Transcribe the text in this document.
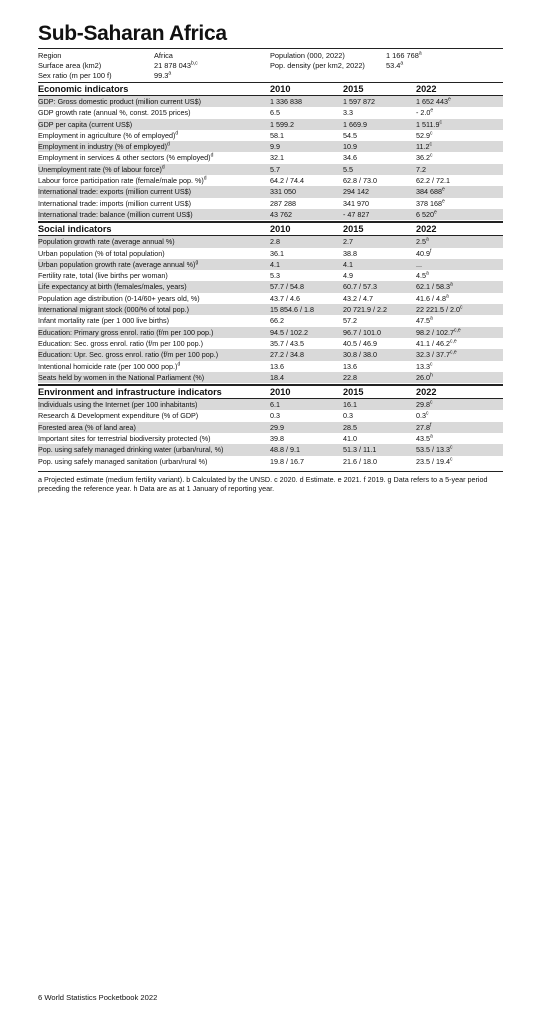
Sub-Saharan Africa
Region	Africa	Population (000, 2022)	1 166 768$^a$
Surface area (km2)	21 878 043$^{b,c}$	Pop. density (per km2, 2022)	53.4$^a$
Sex ratio (m per 100 f)	99.3$^a$
Economic indicators	2010	2015	2022
GDP: Gross domestic product (million current US$)	1 336 838	1 597 872	1 652 443e
GDP growth rate (annual %, const. 2015 prices)	6.5	3.3	- 2.0e
GDP per capita (current US$)	1 599.2	1 669.9	1 511.9$^c$
Employment in agriculture (% of employed)$^d$	58.1	54.5	52.9$^c$
Employment in industry (% of employed)$^d$	9.9	10.9	11.2$^c$
Employment in services & other sectors (% employed)$^d$	32.1	34.6	36.2$^c$
Unemployment rate (% of labour force)$^d$	5.7	5.5	7.2
Labour force participation rate (female/male pop. %)$^d$	64.2 / 74.4	62.8 / 73.0	62.2 / 72.1
International trade: exports (million current US$)	331 050	294 142	384 688e
International trade: imports (million current US$)	287 288	341 970	378 168e
International trade: balance (million current US$)	43 762	- 47 827	6 520e
Social indicators	2010	2015	2022
Population growth rate (average annual %)	2.8	2.7	2.5$^a$
Urban population (% of total population)	36.1	38.8	40.9$^f$
Urban population growth rate (average annual %)$^g$	4.1	4.1	...
Fertility rate, total (live births per woman)	5.3	4.9	4.5$^a$
Life expectancy at birth (females/males, years)	57.7 / 54.8	60.7 / 57.3	62.1 / 58.3$^a$
Population age distribution (0-14/60+ years old, %)	43.7 / 4.6	43.2 / 4.7	41.6 / 4.8$^a$
International migrant stock (000/% of total pop.)	15 854.6 / 1.8	20 721.9 / 2.2	22 221.5 / 2.0$^c$
Infant mortality rate (per 1 000 live births)	66.2	57.2	47.5$^a$
Education: Primary gross enrol. ratio (f/m per 100 pop.)	94.5 / 102.2	96.7 / 101.0	98.2 / 102.7$^{c,e}$
Education: Sec. gross enrol. ratio (f/m per 100 pop.)	35.7 / 43.5	40.5 / 46.9	41.1 / 46.2$^{c,e}$
Education: Upr. Sec. gross enrol. ratio (f/m per 100 pop.)	27.2 / 34.8	30.8 / 38.0	32.3 / 37.7$^{c,e}$
Intentional homicide rate (per 100 000 pop.)$^d$	13.6	13.6	13.3$^c$
Seats held by women in the National Parliament (%)	18.4	22.8	26.0$^h$
Environment and infrastructure indicators	2010	2015	2022
Individuals using the Internet (per 100 inhabitants)	6.1	16.1	29.8$^c$
Research & Development expenditure (% of GDP)	0.3	0.3	0.3$^c$
Forested area (% of land area)	29.9	28.5	27.8$^f$
Important sites for terrestrial biodiversity protected (%)	39.8	41.0	43.5$^a$
Pop. using safely managed drinking water (urban/rural, %)	48.8 / 9.1	51.3 / 11.1	53.5 / 13.3$^c$
Pop. using safely managed sanitation (urban/rural %)	19.8 / 16.7	21.6 / 18.0	23.5 / 19.4$^c$
a Projected estimate (medium fertility variant). b Calculated by the UNSD. c 2020. d Estimate. e 2021. f 2019. g Data refers to a 5-year period preceding the reference year. h Data are as at 1 January of reporting year.
6 World Statistics Pocketbook 2022
